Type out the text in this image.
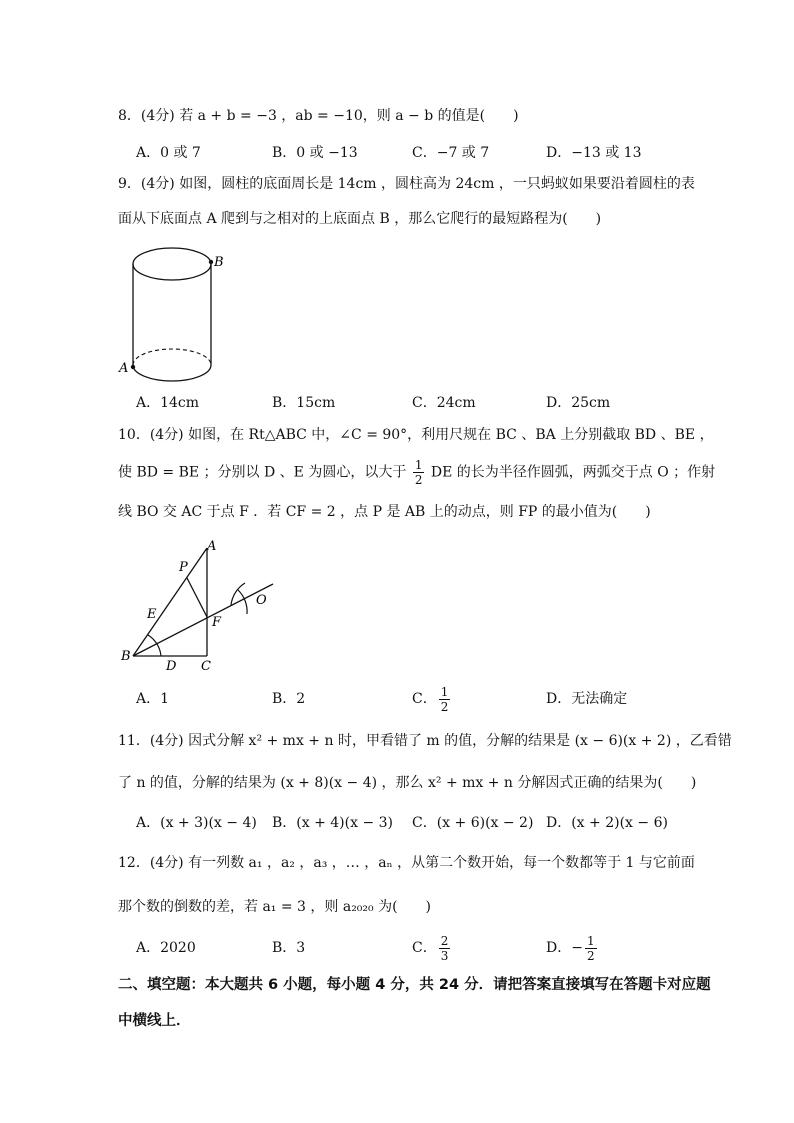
8．(4分) 若 a + b = −3 ，ab = −10，则 a − b 的值是(　　)
A．0 或 7	B．0 或 −13	C．−7 或 7	D．−13 或 13
9．(4分) 如图，圆柱的底面周长是 14cm ，圆柱高为 24cm ，一只蚂蚁如果要沿着圆柱的表
面从下底面点 A 爬到与之相对的上底面点 B ，那么它爬行的最短路程为(　　)
B
A
A．14cm	B．15cm	C．24cm	D．25cm
10．(4分) 如图，在 Rt△ABC 中，∠C = 90°，利用尺规在 BC 、BA 上分别截取 BD 、BE ，
使 BD = BE ；分别以 D 、E 为圆心，以大于 $\frac{1}{2}$ DE 的长为半径作圆弧，两弧交于点 O ；作射
线 BO 交 AC 于点 F ．若 CF = 2 ，点 P 是 AB 上的动点，则 FP 的最小值为(　　)
A
P
E
F
O
B
D C
A．1	B．2	C． $\frac{1}{2}$	D．无法确定
11．(4分) 因式分解 x² + mx + n 时，甲看错了 m 的值，分解的结果是 (x − 6)(x + 2) ，乙看错
了 n 的值，分解的结果为 (x + 8)(x − 4) ，那么 x² + mx + n 分解因式正确的结果为(　　)
A．(x + 3)(x − 4) B．(x + 4)(x − 3) C．(x + 6)(x − 2) D．(x + 2)(x − 6)
12．(4分) 有一列数 a₁ ，a₂ ，a₃ ，… ，aₙ ，从第二个数开始，每一个数都等于 1 与它前面
那个数的倒数的差，若 a₁ = 3 ，则 a₂₀₂₀ 为(　　)
A．2020	B．3	C． $\frac{2}{3}$	D．− $\frac{1}{2}$
二、填空题：本大题共 6 小题，每小题 4 分，共 24 分．请把答案直接填写在答题卡对应题
中横线上．
